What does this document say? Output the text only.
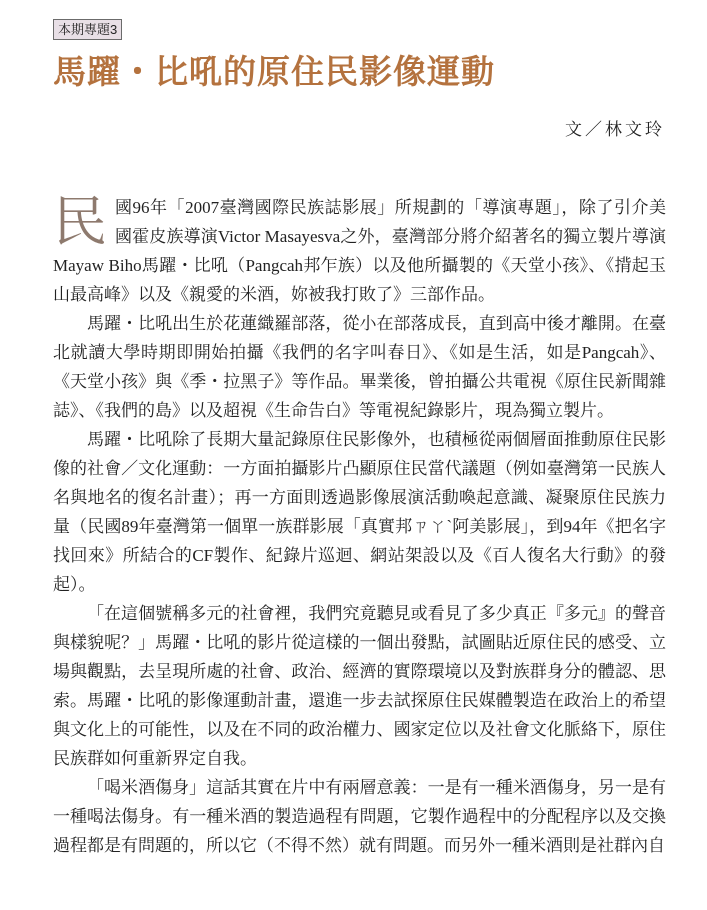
本期專題3
馬躍・比吼的原住民影像運動
文／林文玲

民國96年「2007臺灣國際民族誌影展」所規劃的「導演專題」，除了引介美國霍皮族導演Victor Masayesva之外，臺灣部分將介紹著名的獨立製片導演Mayaw Biho馬躍・比吼（Pangcah邦乍族）以及他所攝製的《天堂小孩》、《揹起玉山最高峰》以及《親愛的米酒，妳被我打敗了》三部作品。

馬躍・比吼出生於花蓮織羅部落，從小在部落成長，直到高中後才離開。在臺北就讀大學時期即開始拍攝《我們的名字叫春日》、《如是生活，如是Pangcah》、《天堂小孩》與《季・拉黑子》等作品。畢業後，曾拍攝公共電視《原住民新聞雜誌》、《我們的島》以及超視《生命告白》等電視紀錄影片，現為獨立製片。

馬躍・比吼除了長期大量記錄原住民影像外，也積極從兩個層面推動原住民影像的社會／文化運動：一方面拍攝影片凸顯原住民當代議題（例如臺灣第一民族人名與地名的復名計畫）；再一方面則透過影像展演活動喚起意識、凝聚原住民族力量（民國89年臺灣第一個單一族群影展「真實邦ㄗㄚˋ阿美影展」，到94年《把名字找回來》所結合的CF製作、紀錄片巡迴、網站架設以及《百人復名大行動》的發起）。

「在這個號稱多元的社會裡，我們究竟聽見或看見了多少真正『多元』的聲音與樣貌呢？」馬躍・比吼的影片從這樣的一個出發點，試圖貼近原住民的感受、立場與觀點，去呈現所處的社會、政治、經濟的實際環境以及對族群身分的體認、思索。馬躍・比吼的影像運動計畫，還進一步去試探原住民媒體製造在政治上的希望與文化上的可能性，以及在不同的政治權力、國家定位以及社會文化脈絡下，原住民族群如何重新界定自我。

「喝米酒傷身」這話其實在片中有兩層意義：一是有一種米酒傷身，另一是有一種喝法傷身。有一種米酒的製造過程有問題，它製作過程中的分配程序以及交換過程都是有問題的，所以它（不得不然）就有問題。而另外一種米酒則是社群內自
